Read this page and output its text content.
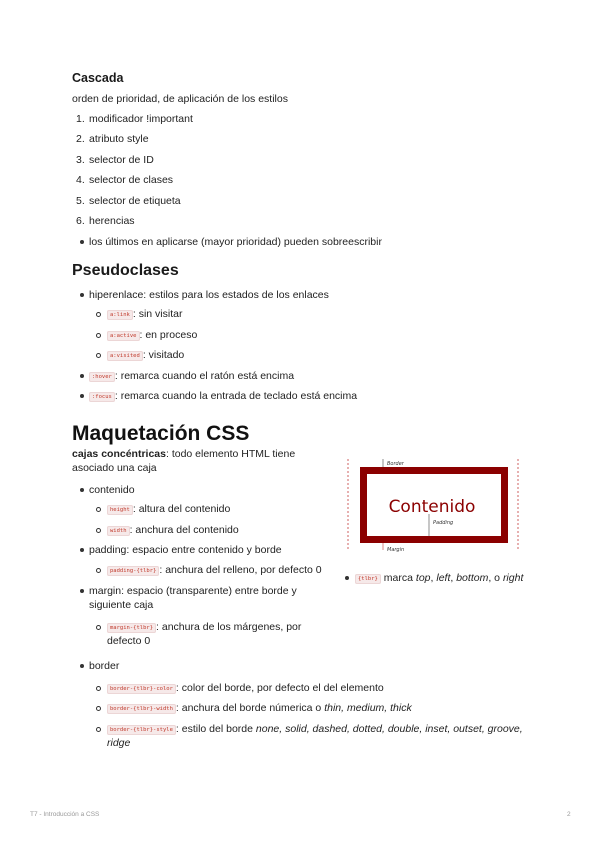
Cascada
orden de prioridad, de aplicación de los estilos
1. modificador !important
2. atributo style
3. selector de ID
4. selector de clases
5. selector de etiqueta
6. herencias
los últimos en aplicarse (mayor prioridad) pueden sobreescribir
Pseudoclases
hiperenlace: estilos para los estados de los enlaces
a:link : sin visitar
a:active : en proceso
a:visited : visitado
:hover : remarca cuando el ratón está encima
:focus : remarca cuando la entrada de teclado está encima
Maquetación CSS
cajas concéntricas: todo elemento HTML tiene
asociado una caja
contenido
height : altura del contenido
width : anchura del contenido
padding: espacio entre contenido y borde
padding-{tlbr} : anchura del relleno, por defecto 0
margin: espacio (transparente) entre borde y
siguiente caja
margin-{tlbr} : anchura de los márgenes, por
defecto 0
Contenido
Border
Padding
Margin
{tlbr} marca top, left, bottom, o right
border
border-{tlbr}-color : color del borde, por defecto el del elemento
border-{tlbr}-width : anchura del borde númerica o thin, medium, thick
border-{tlbr}-style : estilo del borde none, solid, dashed, dotted, double, inset, outset, groove,
ridge
T7 - Introducción a CSS	2
